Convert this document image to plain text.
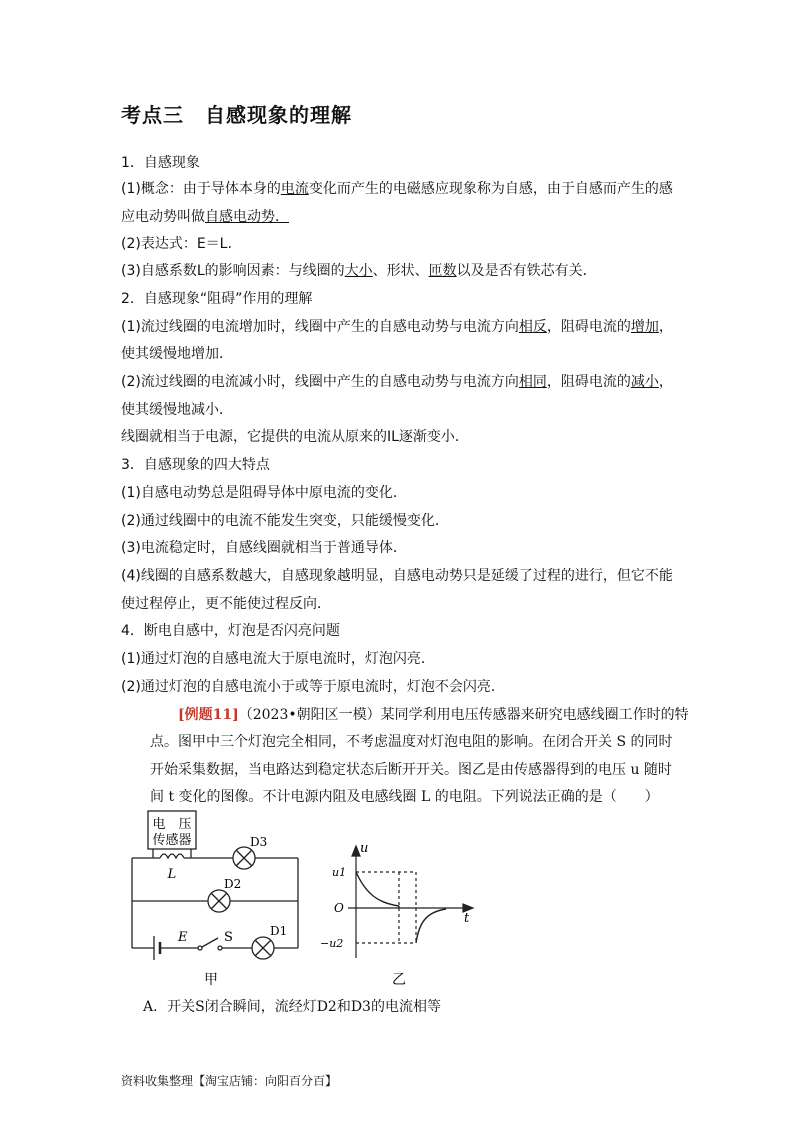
考点三　自感现象的理解
1．自感现象
(1)概念：由于导体本身的电流变化而产生的电磁感应现象称为自感，由于自感而产生的感
应电动势叫做自感电动势．
(2)表达式：E＝L.
(3)自感系数L的影响因素：与线圈的大小、形状、匝数以及是否有铁芯有关．
2．自感现象“阻碍”作用的理解
(1)流过线圈的电流增加时，线圈中产生的自感电动势与电流方向相反，阻碍电流的增加，
使其缓慢地增加．
(2)流过线圈的电流减小时，线圈中产生的自感电动势与电流方向相同，阻碍电流的减小，
使其缓慢地减小．
线圈就相当于电源，它提供的电流从原来的IL逐渐变小．
3．自感现象的四大特点
(1)自感电动势总是阻碍导体中原电流的变化．
(2)通过线圈中的电流不能发生突变，只能缓慢变化．
(3)电流稳定时，自感线圈就相当于普通导体．
(4)线圈的自感系数越大，自感现象越明显，自感电动势只是延缓了过程的进行，但它不能
使过程停止，更不能使过程反向．
4．断电自感中，灯泡是否闪亮问题
(1)通过灯泡的自感电流大于原电流时，灯泡闪亮．
(2)通过灯泡的自感电流小于或等于原电流时，灯泡不会闪亮．
[例题11]（2023•朝阳区一模）某同学利用电压传感器来研究电感线圈工作时的特
点。图甲中三个灯泡完全相同，不考虑温度对灯泡电阻的影响。在闭合开关 S 的同时
开始采集数据，当电路达到稳定状态后断开开关。图乙是由传感器得到的电压 u 随时
间 t 变化的图像。不计电源内阻及电感线圈 L 的电阻。下列说法正确的是（　　）
电　压
传感器
L
D3
D2
D1
E	S
甲
u
t
u1
−u2
O
乙
A．开关S闭合瞬间，流经灯D2和D3的电流相等
资料收集整理【淘宝店铺：向阳百分百】
